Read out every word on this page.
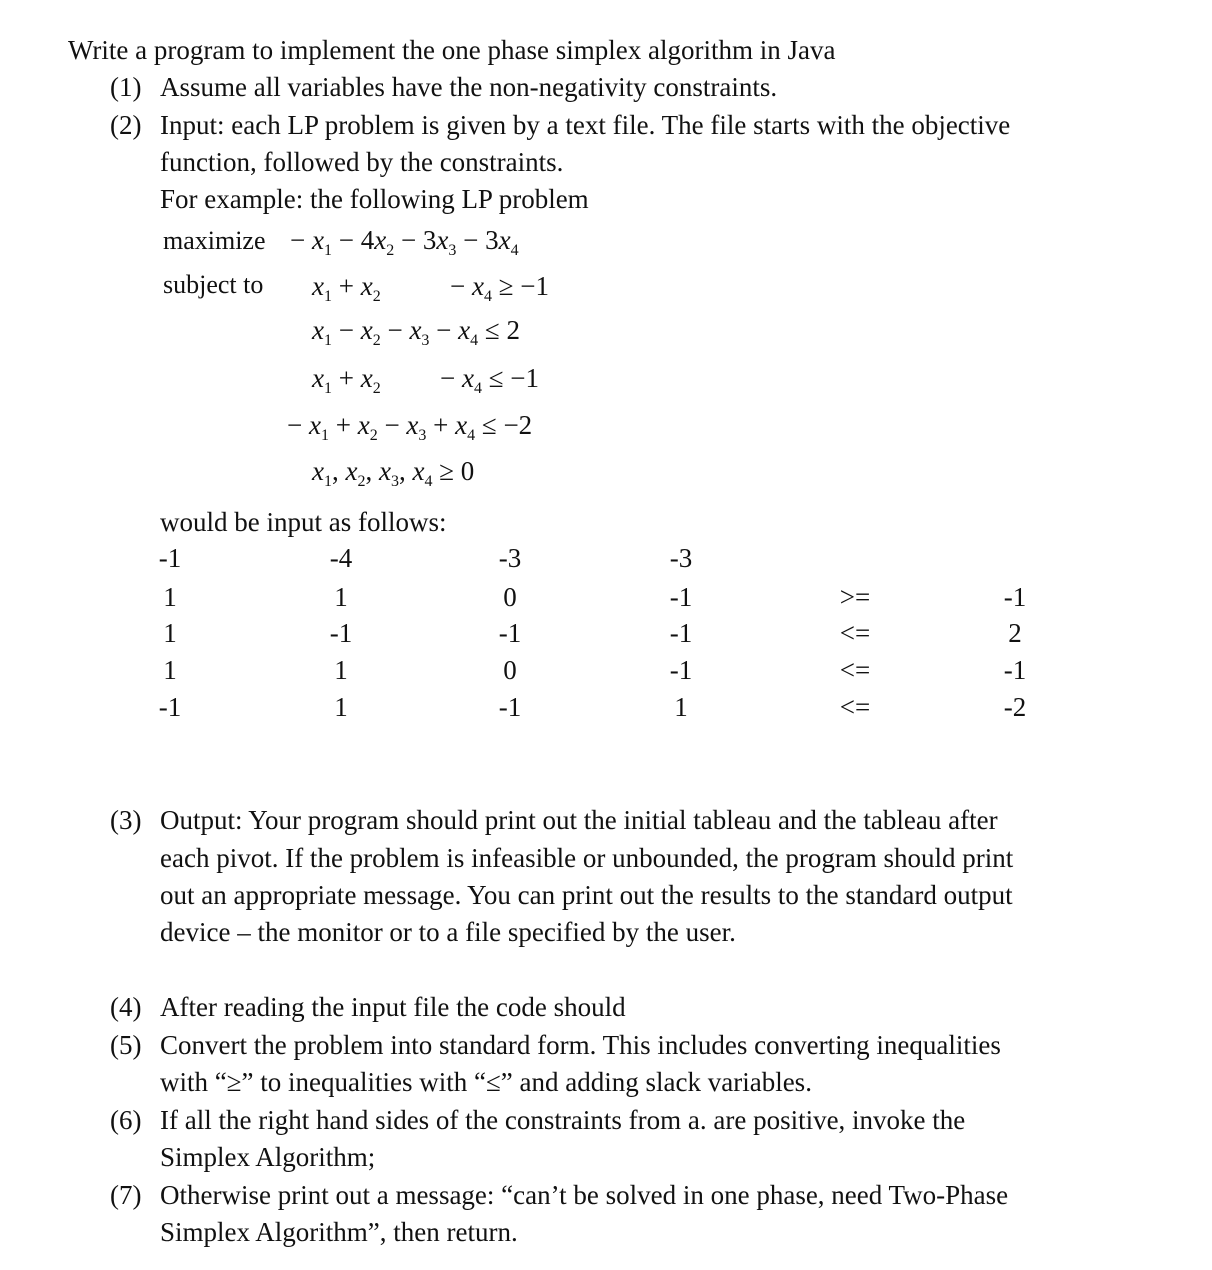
Write a program to implement the one phase simplex algorithm in Java
(1) Assume all variables have the non-negativity constraints.
(2) Input: each LP problem is given by a text file. The file starts with the objective
function, followed by the constraints.
For example: the following LP problem
maximize − $x_1 - 4x_2 - 3x_3 - 3x_4$
subject to $x_1 + x_2$	− $x_4 \ge -1$
$x_1 - x_2 - x_3 - x_4 \le 2$
$x_1 + x_2 - x_4 \le -1$
− $x_1 + x_2 - x_3 + x_4 \le -2$
$x_1$, $x_2$, $x_3$, $x_4 \ge 0$
would be input as follows:
-1	-4	-3	-3
1	1	0	-1	>=	-1
1	-1	-1	-1	<=	2
1	1	0	-1	<=	-1
-1	1	-1	1	<=	-2
(3) Output: Your program should print out the initial tableau and the tableau after
each pivot. If the problem is infeasible or unbounded, the program should print
out an appropriate message. You can print out the results to the standard output
device – the monitor or to a file specified by the user.
(4) After reading the input file the code should
(5) Convert the problem into standard form. This includes converting inequalities
with “≥” to inequalities with “≤” and adding slack variables.
(6) If all the right hand sides of the constraints from a. are positive, invoke the
Simplex Algorithm;
(7) Otherwise print out a message: “can’t be solved in one phase, need Two-Phase
Simplex Algorithm”, then return.
